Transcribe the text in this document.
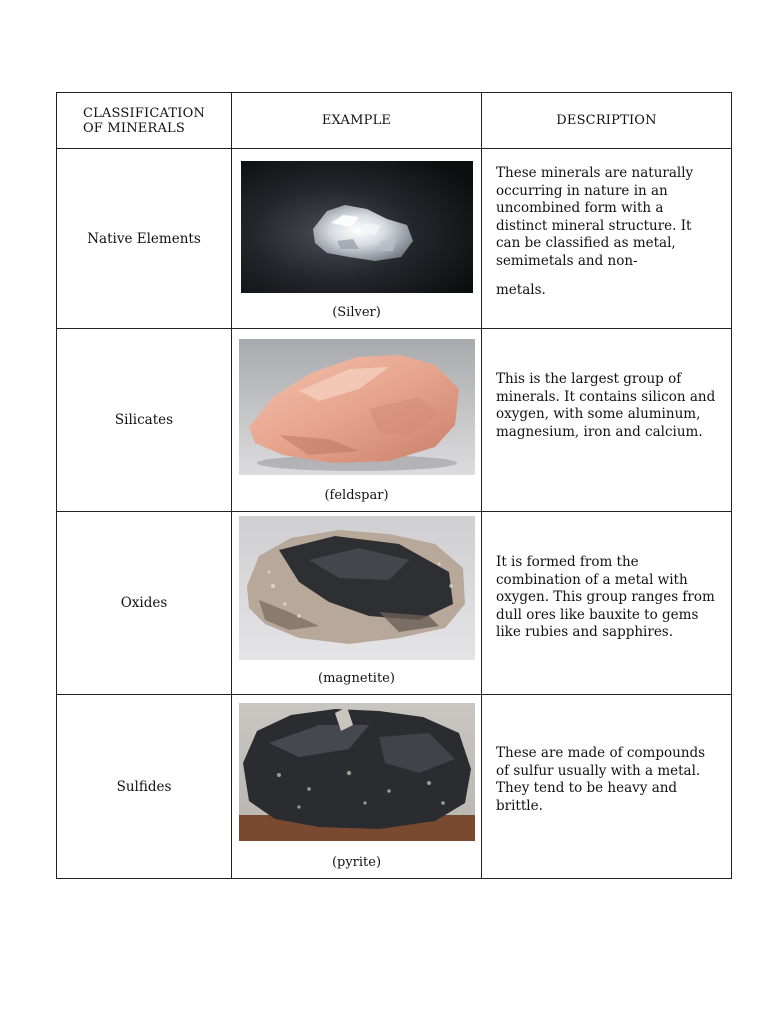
CLASSIFICATION
OF MINERALS	EXAMPLE	DESCRIPTION
Native Elements	(Silver)	These minerals are naturally occurring in nature in an uncombined form with a distinct mineral structure. It can be classified as metal, semimetals and non-
metals.

Silicates	(feldspar)	This is the largest group of minerals. It contains silicon and oxygen, with some aluminum, magnesium, iron and calcium.
Oxides	(magnetite)	It is formed from the combination of a metal with oxygen. This group ranges from dull ores like bauxite to gems like rubies and sapphires.
Sulfides	(pyrite)	These are made of compounds of sulfur usually with a metal. They tend to be heavy and brittle.
